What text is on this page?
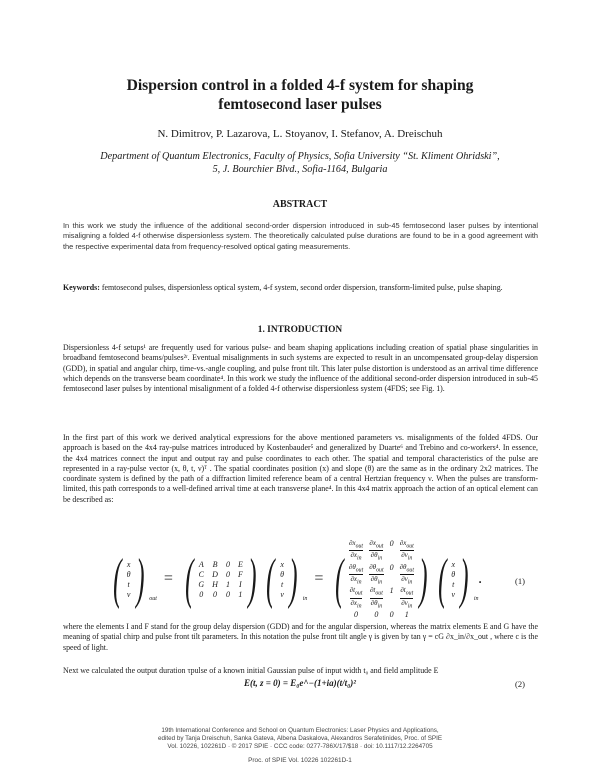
Dispersion control in a folded 4-f system for shaping
femtosecond laser pulses
N. Dimitrov, P. Lazarova, L. Stoyanov, I. Stefanov, A. Dreischuh
Department of Quantum Electronics, Faculty of Physics, Sofia University “St. Kliment Ohridski”,
5, J. Bourchier Blvd., Sofia-1164, Bulgaria
ABSTRACT
In this work we study the influence of the additional second-order dispersion introduced in sub-45 femtosecond laser pulses by intentional misaligning a folded 4-f otherwise dispersionless system. The theoretically calculated pulse durations are found to be in a good agreement with the respective experimental data from frequency-resolved optical gating measurements.
Keywords: femtosecond pulses, dispersionless optical system, 4-f system, second order dispersion, transform-limited pulse, pulse shaping.
1. INTRODUCTION
Dispersionless 4-f setups¹ are frequently used for various pulse- and beam shaping applications including creation of spatial phase singularities in broadband femtosecond beams/pulses²ʳ. Eventual misalignments in such systems are expected to result in an uncompensated group-delay dispersion (GDD), in spatial and angular chirp, time-vs.-angle coupling, and pulse front tilt. This later pulse distortion is understood as an arrival time difference which depends on the transverse beam coordinate⁴. In this work we study the influence of the additional second-order dispersion introduced in sub-45 femtosecond laser pulses by intentional misalignment of a folded 4-f otherwise dispersionless system (4FDS; see Fig. 1).
In the first part of this work we derived analytical expressions for the above mentioned parameters vs. misalignments of the folded 4FDS. Our approach is based on the 4x4 ray-pulse matrices introduced by Kostenbauder⁵ and generalized by Duarte⁶ and Trebino and co-workers⁴. In essence, the 4x4 matrices connect the input and output ray and pulse coordinates to each other. The spatial and temporal characteristics of the pulse are represented in a ray-pulse vector (x, θ, t, ν)ᵀ . The spatial coordinates position (x) and slope (θ) are the same as in the ordinary 2x2 matrices. The coordinate system is defined by the path of a diffraction limited reference beam of a central Hertzian frequency ν. When the pulses are transform-limited, this path corresponds to a well-defined arrival time at each transverse plane⁴. In this 4x4 matrix approach the action of an optical element can be described as:
( x
θ
t
ν ) $_{out}$
= ( A B 0 E
C D 0 F
G H 1 I
0 0 0 1 ) ( x
θ
t
ν ) $_{in}$
= ( $\frac{\partial x_{out}}{\partial x_{in}} \frac{\partial x_{out}}{\partial\theta_{in}} 0 \frac{\partial x_{out}}{\partial\nu_{in}}$
$\frac{\partial\theta_{out}}{\partial x_{in}} \frac{\partial\theta_{out}}{\partial\theta_{in}} 0 \frac{\partial\theta_{out}}{\partial\nu_{in}}$
$\frac{\partial t_{out}}{\partial x_{in}} \frac{\partial t_{out}}{\partial\theta_{in}} 1 \frac{\partial t_{out}}{\partial\nu_{in}}$
0	0	0	1
) ( x
θ
t
ν ) $_{in}$
.	(1)
where the elements I and F stand for the group delay dispersion (GDD) and for the angular dispersion, whereas the matrix elements E and G have the meaning of spatial chirp and pulse front tilt parameters. In this notation the pulse front tilt angle γ is given by tan γ = cG ∂x_in/∂x_out , where c is the speed of light.
Next we calculated the output duration τpulse of a known initial Gaussian pulse of input width t₀ and field amplitude E
E(t, z = 0) = E₀e^−(1+ia)(t/t₀)²	(2)
19th International Conference and School on Quantum Electronics: Laser Physics and Applications,
edited by Tanja Dreischuh, Sanka Gateva, Albena Daskalova, Alexandros Serafetinides, Proc. of SPIE
Vol. 10226, 102261D · © 2017 SPIE · CCC code: 0277-786X/17/$18 · doi: 10.1117/12.2264705
Proc. of SPIE Vol. 10226 102261D-1
